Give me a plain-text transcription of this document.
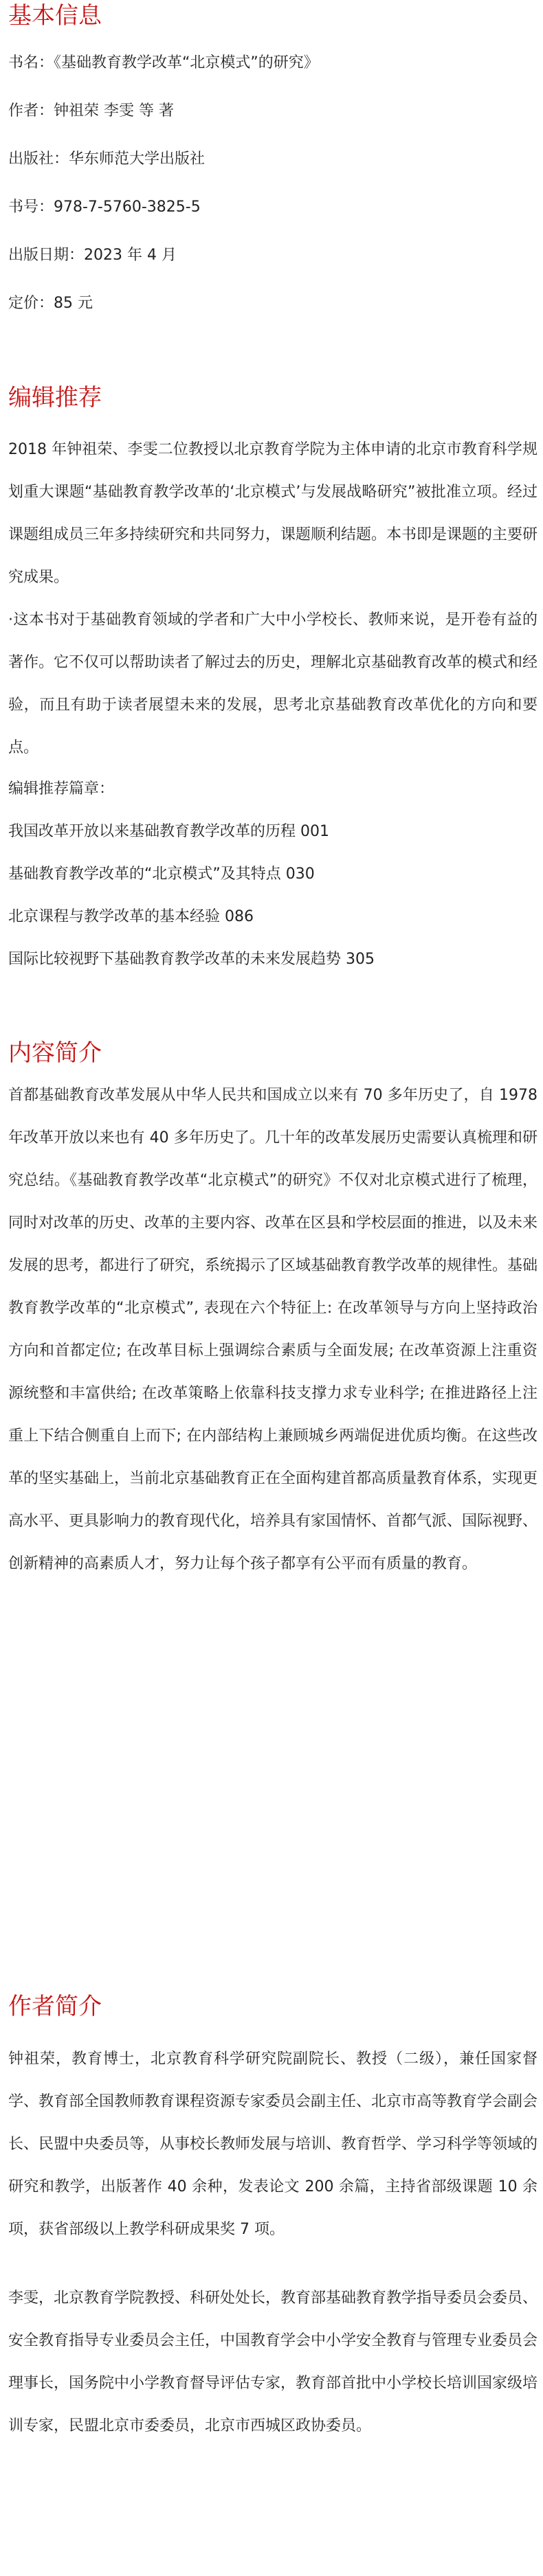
基本信息
书名：《基础教育教学改革“北京模式”的研究》
作者：钟祖荣 李雯 等 著
出版社：华东师范大学出版社
书号：978-7-5760-3825-5
出版日期：2023 年 4 月
定价：85 元
编辑推荐
2018 年钟祖荣、李雯二位教授以北京教育学院为主体申请的北京市教育科学规划重大课题“基础教育教学改革的‘北京模式’与发展战略研究”被批准立项。经过课题组成员三年多持续研究和共同努力，课题顺利结题。本书即是课题的主要研究成果。
·这本书对于基础教育领域的学者和广大中小学校长、教师来说，是开卷有益的著作。它不仅可以帮助读者了解过去的历史，理解北京基础教育改革的模式和经验，而且有助于读者展望未来的发展，思考北京基础教育改革优化的方向和要点。
编辑推荐篇章：
我国改革开放以来基础教育教学改革的历程 001
基础教育教学改革的“北京模式”及其特点 030
北京课程与教学改革的基本经验 086
国际比较视野下基础教育教学改革的未来发展趋势 305
内容简介
首都基础教育改革发展从中华人民共和国成立以来有 70 多年历史了，自 1978 年改革开放以来也有 40 多年历史了。几十年的改革发展历史需要认真梳理和研究总结。《基础教育教学改革“北京模式”的研究》不仅对北京模式进行了梳理，同时对改革的历史、改革的主要内容、改革在区县和学校层面的推进，以及未来发展的思考，都进行了研究，系统揭示了区域基础教育教学改革的规律性。基础教育教学改革的“北京模式”, 表现在六个特征上: 在改革领导与方向上坚持政治方向和首都定位; 在改革目标上强调综合素质与全面发展; 在改革资源上注重资源统整和丰富供给; 在改革策略上依靠科技支撑力求专业科学; 在推进路径上注重上下结合侧重自上而下; 在内部结构上兼顾城乡两端促进优质均衡。在这些改革的坚实基础上，当前北京基础教育正在全面构建首都高质量教育体系，实现更高水平、更具影响力的教育现代化，培养具有家国情怀、首都气派、国际视野、创新精神的高素质人才，努力让每个孩子都享有公平而有质量的教育。
作者简介
钟祖荣，教育博士，北京教育科学研究院副院长、教授（二级），兼任国家督学、教育部全国教师教育课程资源专家委员会副主任、北京市高等教育学会副会长、民盟中央委员等，从事校长教师发展与培训、教育哲学、学习科学等领域的研究和教学，出版著作 40 余种，发表论文 200 余篇，主持省部级课题 10 余项，获省部级以上教学科研成果奖 7 项。
李雯，北京教育学院教授、科研处处长，教育部基础教育教学指导委员会委员、安全教育指导专业委员会主任，中国教育学会中小学安全教育与管理专业委员会理事长，国务院中小学教育督导评估专家，教育部首批中小学校长培训国家级培训专家，民盟北京市委委员，北京市西城区政协委员。
